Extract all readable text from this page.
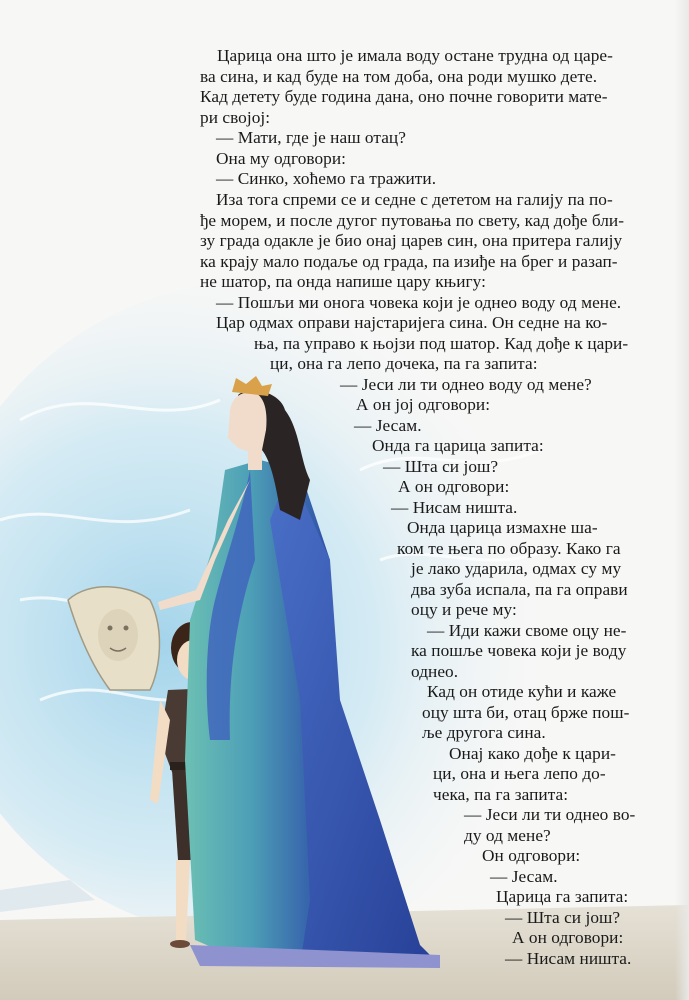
Царица она што је имала воду остане трудна од царе-
ва сина, и кад буде на том доба, она роди мушко дете.
Кад детету буде година дана, оно почне говорити мате-
ри својој:
— Мати, где је наш отац?
Она му одговори:
— Синко, хоћемо га тражити.
Иза тога спреми се и седне с дететом на галију па по-
ђе морем, и после дугог путовања по свету, кад дође бли-
зу града одакле је био онај царев син, она притера галију
ка крају мало подаље од града, па изиђе на брег и разап-
не шатор, па онда напише цару књигу:
— Пошљи ми онога човека који је однео воду од мене.
Цар одмах оправи најстаријега сина. Он седне на ко-
ња, па управо к њојзи под шатор. Кад дође к цари-
ци, она га лепо дочека, па га запита:
— Јеси ли ти однео воду од мене?
А он јој одговори:
— Јесам.
Онда га царица запита:
— Шта си још?
А он одговори:
— Нисам ништа.
Онда царица измахне ша-
ком те њега по образу. Како га
је лако ударила, одмах су му
два зуба испала, па га оправи
оцу и рече му:
— Иди кажи своме оцу не-
ка пошље човека који је воду
однео.
Кад он отиде кући и каже
оцу шта би, отац брже пош-
ље другога сина.
Онај како дође к цари-
ци, она и њега лепо до-
чека, па га запита:
— Јеси ли ти однео во-
ду од мене?
Он одговори:
— Јесам.
Царица га запита:
— Шта си још?
А он одговори:
— Нисам ништа.
